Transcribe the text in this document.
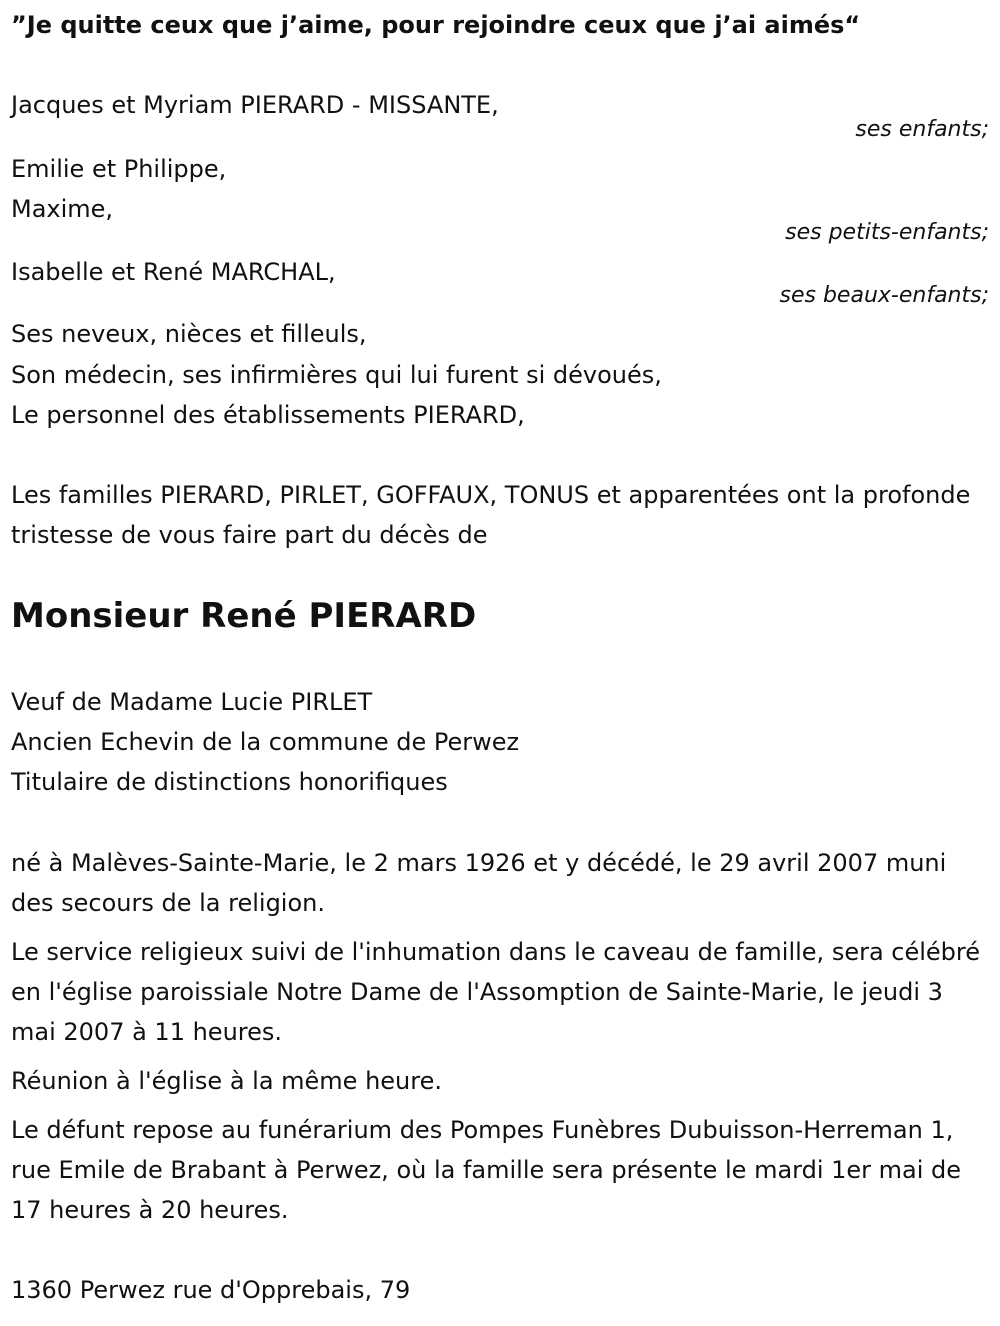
”Je quitte ceux que j’aime, pour rejoindre ceux que j’ai aimés“
Jacques et Myriam PIERARD - MISSANTE,
ses enfants;
Emilie et Philippe,
Maxime,
ses petits-enfants;
Isabelle et René MARCHAL,
ses beaux-enfants;
Ses neveux, nièces et filleuls,
Son médecin, ses infirmières qui lui furent si dévoués,
Le personnel des établissements PIERARD,

Les familles PIERARD, PIRLET, GOFFAUX, TONUS et apparentées ont la profonde tristesse de vous faire part du décès de

Monsieur René PIERARD
Veuf de Madame Lucie PIRLET
Ancien Echevin de la commune de Perwez
Titulaire de distinctions honorifiques

né à Malèves-Sainte-Marie, le 2 mars 1926 et y décédé, le 29 avril 2007 muni des secours de la religion.

Le service religieux suivi de l'inhumation dans le caveau de famille, sera célébré en l'église paroissiale Notre Dame de l'Assomption de Sainte-Marie, le jeudi 3 mai 2007 à 11 heures.

Réunion à l'église à la même heure.

Le défunt repose au funérarium des Pompes Funèbres Dubuisson-Herreman 1, rue Emile de Brabant à Perwez, où la famille sera présente le mardi 1er mai de 17 heures à 20 heures.

1360 Perwez rue d'Opprebais, 79
